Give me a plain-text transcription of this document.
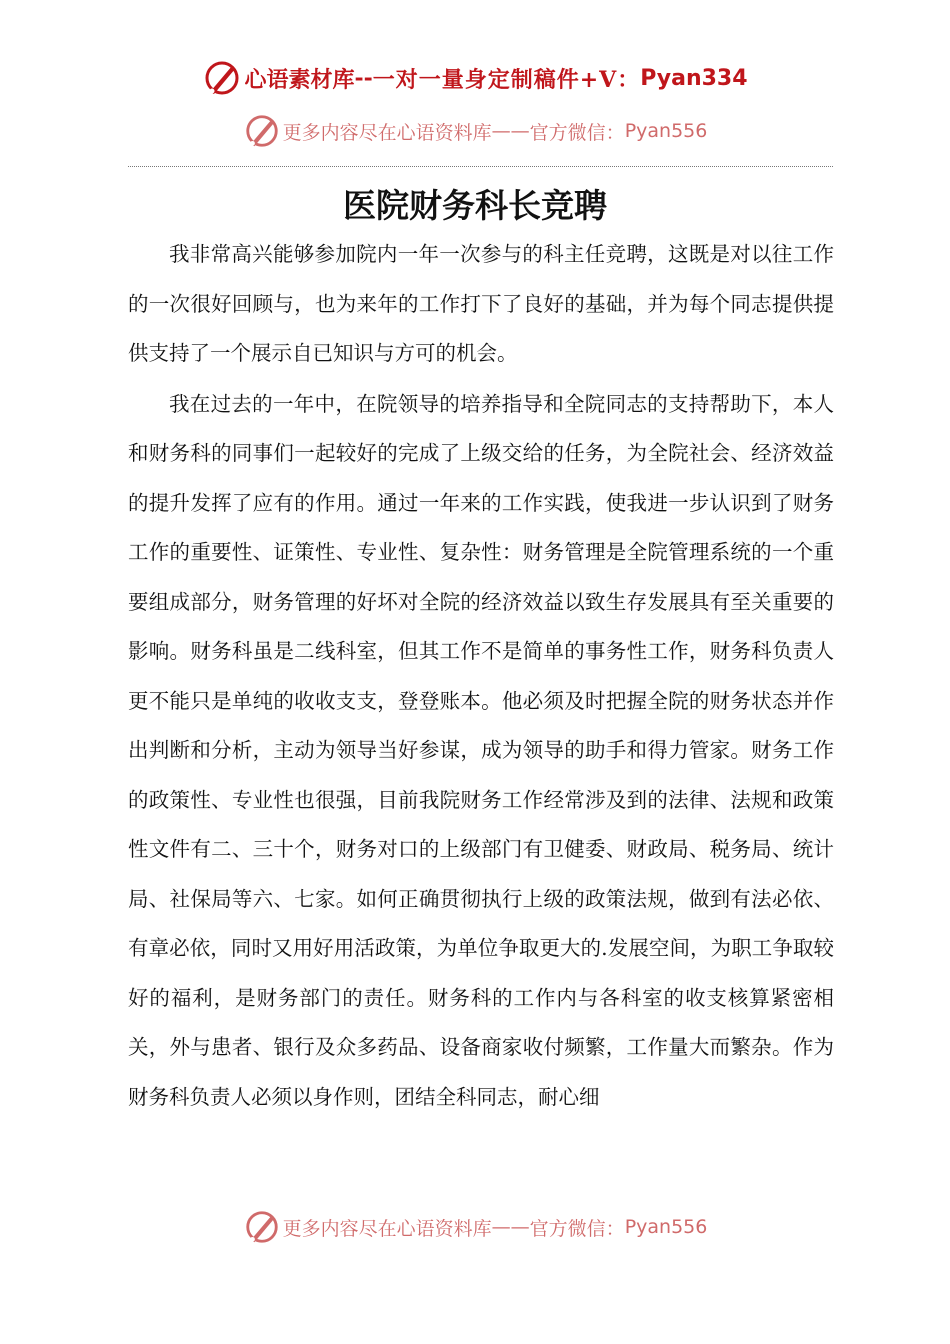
心语素材库 -- 一对一量身定制稿件+V： Pyan334
更多内容尽在心语资料库 —— 官方微信： Pyan556
医院财务科长竞聘

我非常高兴能够参加院内一年一次参与的科主任竞聘，这既是对以往工作的一次很好回顾与，也为来年的工作打下了良好的基础，并为每个同志提供提供支持了一个展示自已知识与方可的机会。

我在过去的一年中，在院领导的培养指导和全院同志的支持帮助下，本人和财务科的同事们一起较好的完成了上级交给的任务，为全院社会、经济效益的提升发挥了应有的作用。通过一年来的工作实践，使我进一步认识到了财务工作的重要性、证策性、专业性、复杂性：财务管理是全院管理系统的一个重要组成部分，财务管理的好坏对全院的经济效益以致生存发展具有至关重要的影响。财务科虽是二线科室，但其工作不是简单的事务性工作，财务科负责人更不能只是单纯的收收支支，登登账本。他必须及时把握全院的财务状态并作出判断和分析，主动为领导当好参谋，成为领导的助手和得力管家。财务工作的政策性、专业性也很强，目前我院财务工作经常涉及到的法律、法规和政策性文件有二、三十个，财务对口的上级部门有卫健委、财政局、税务局、统计局、社保局等六、七家。如何正确贯彻执行上级的政策法规，做到有法必依、有章必依，同时又用好用活政策，为单位争取更大的.发展空间，为职工争取较好的福利，是财务部门的责任。财务科的工作内与各科室的收支核算紧密相关，外与患者、银行及众多药品、设备商家收付频繁，工作量大而繁杂。作为财务科负责人必须以身作则，团结全科同志，耐心细

更多内容尽在心语资料库 —— 官方微信： Pyan556
